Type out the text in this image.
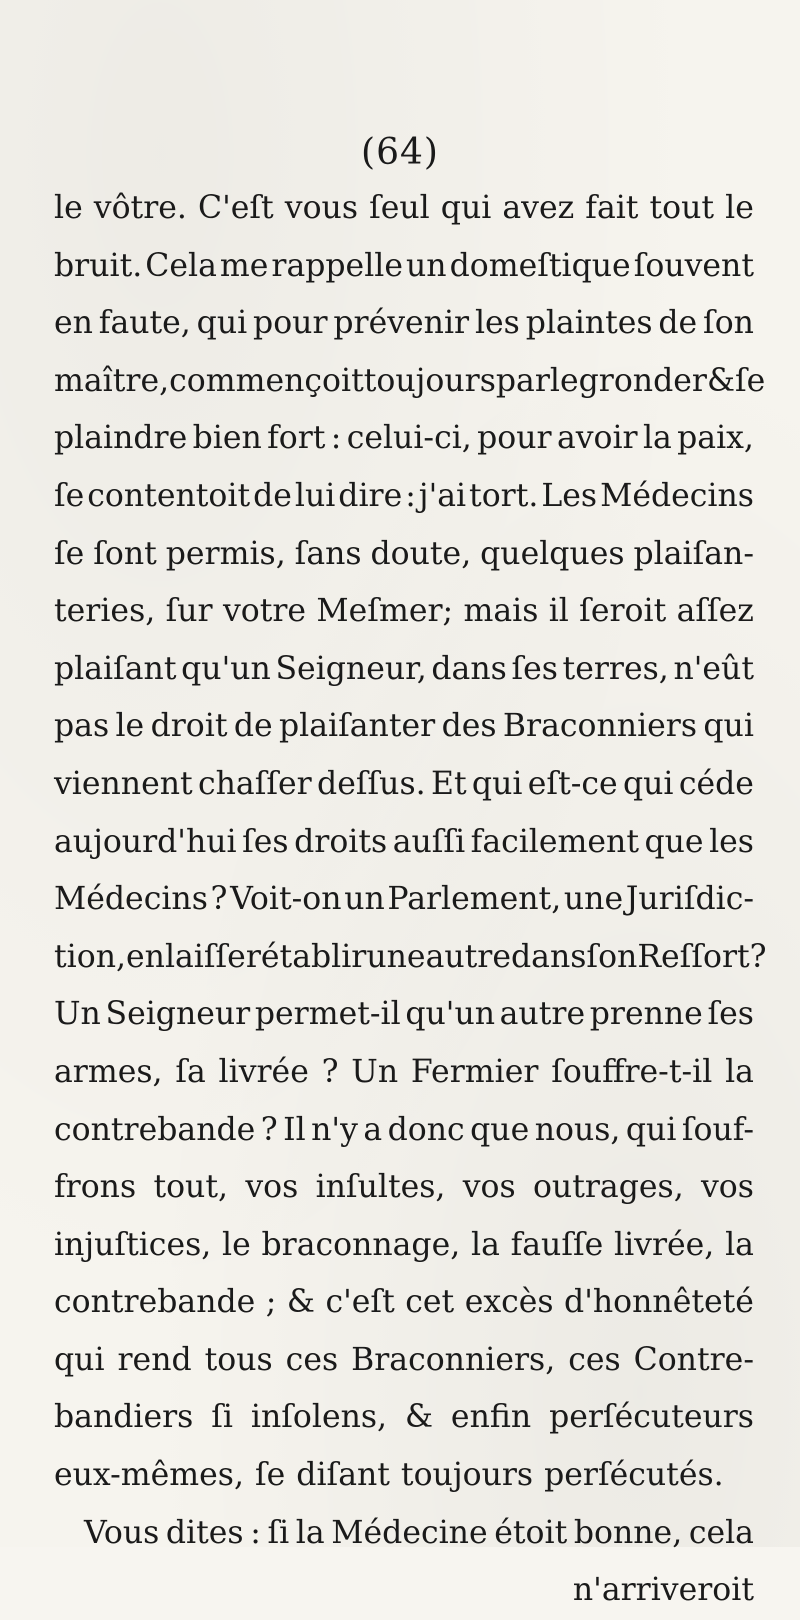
(64)
le vôtre. C'eſt vous ſeul qui avez fait tout le
bruit. Cela me rappelle un domeſtique ſouvent
en faute, qui pour prévenir les plaintes de ſon
maître, commençoit toujours par le gronder & ſe
plaindre bien fort : celui-ci, pour avoir la paix,
ſe contentoit de lui dire : j'ai tort. Les Médecins
ſe ſont permis, ſans doute, quelques plaiſan-
teries, ſur votre Meſmer; mais il ſeroit aſſez
plaiſant qu'un Seigneur, dans ſes terres, n'eût
pas le droit de plaiſanter des Braconniers qui
viennent chaſſer deſſus. Et qui eſt-ce qui céde
aujourd'hui ſes droits auſſi facilement que les
Médecins ? Voit-on un Parlement, une Juriſdic-
tion, en laiſſer établir une autre dans ſon Reſſort?
Un Seigneur permet-il qu'un autre prenne ſes
armes, ſa livrée ? Un Fermier ſouffre-t-il la
contrebande ? Il n'y a donc que nous, qui ſouf-
frons tout, vos inſultes, vos outrages, vos
injuſtices, le braconnage, la fauſſe livrée, la
contrebande ; & c'eſt cet excès d'honnêteté
qui rend tous ces Braconniers, ces Contre-
bandiers ſi inſolens, & enfin perſécuteurs
eux-mêmes, ſe diſant toujours perſécutés.
Vous dites : ſi la Médecine étoit bonne, cela
n'arriveroit
